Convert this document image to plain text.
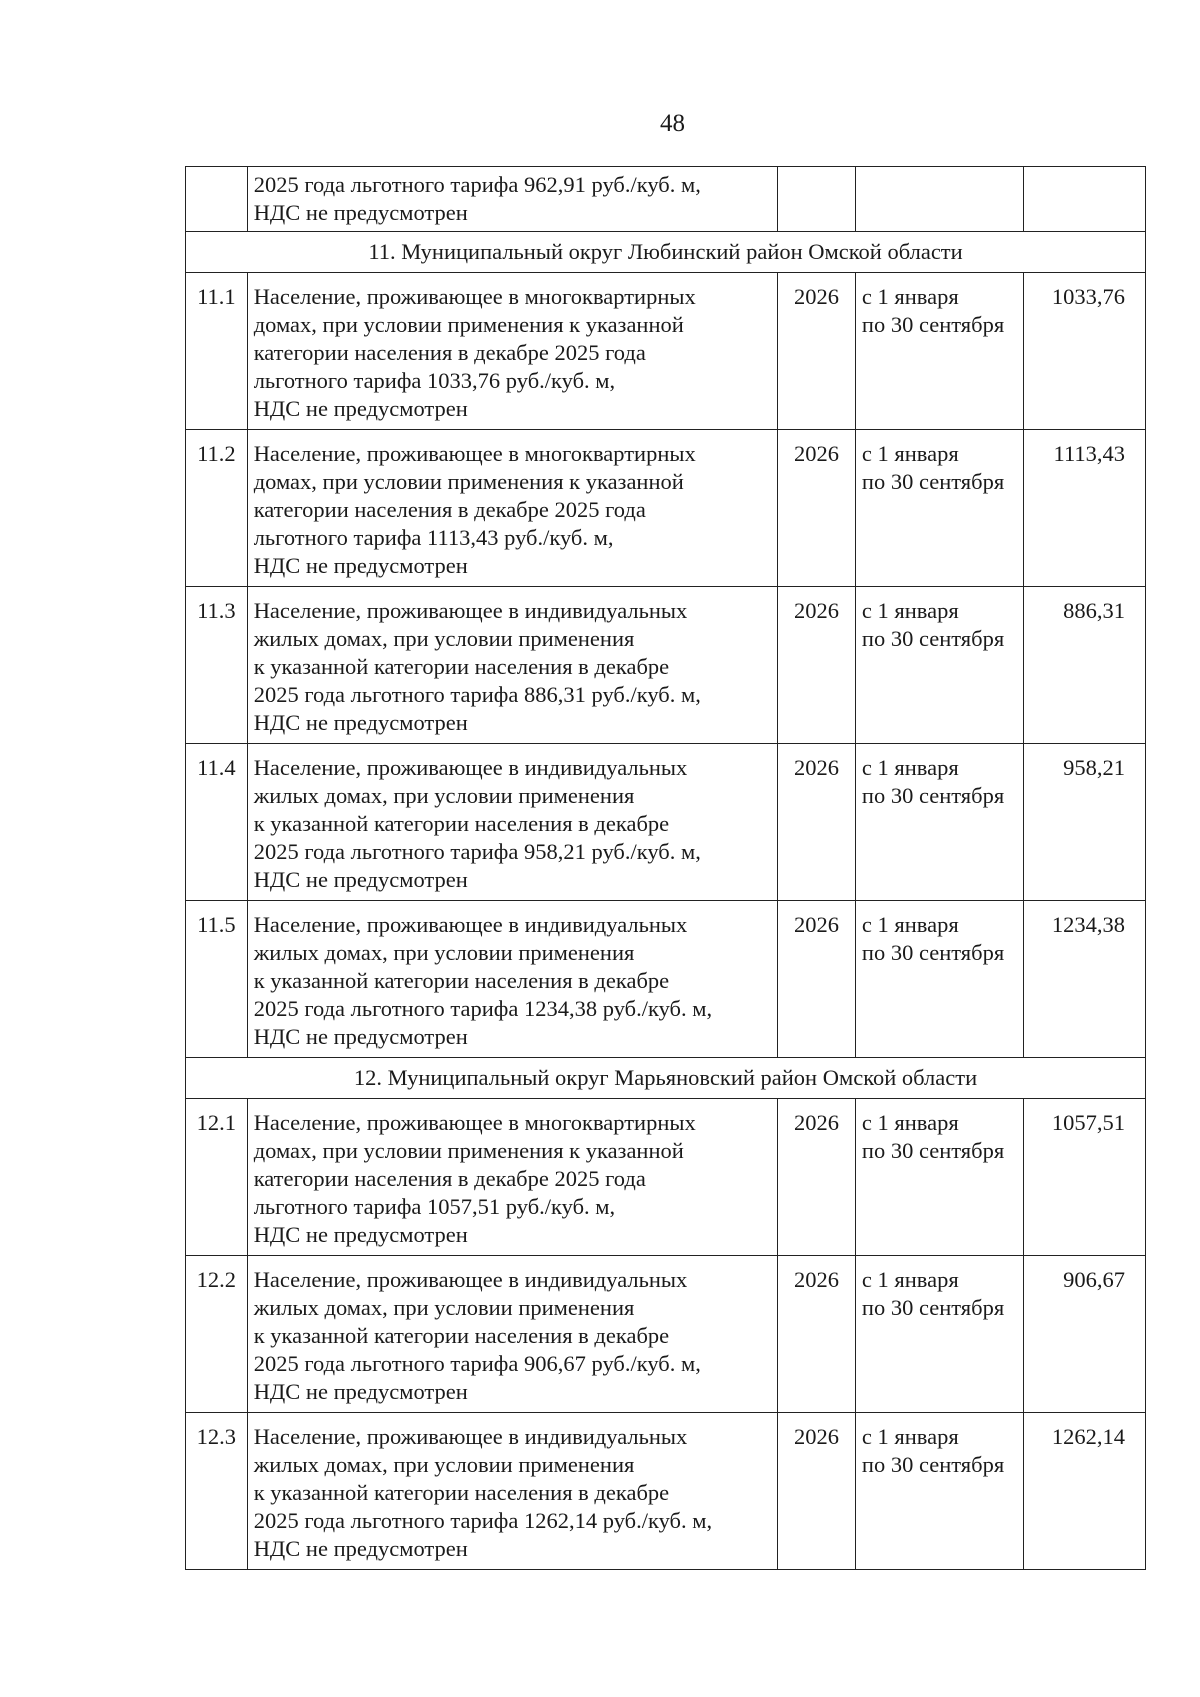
48

	2025 года льготного тарифа 962,91 руб./куб. м,
НДС не предусмотрен			

11. Муниципальный округ Любинский район Омской области				
11.1	Население, проживающее в многоквартирных
домах, при условии применения к указанной
категории населения в декабре 2025 года
льготного тарифа 1033,76 руб./куб. м,
НДС не предусмотрен	2026	с 1 января
по 30 сентября	1033,76
11.2	Население, проживающее в многоквартирных
домах, при условии применения к указанной
категории населения в декабре 2025 года
льготного тарифа 1113,43 руб./куб. м,
НДС не предусмотрен	2026	с 1 января
по 30 сентября	1113,43
11.3	Население, проживающее в индивидуальных
жилых домах, при условии применения
к указанной категории населения в декабре
2025 года льготного тарифа 886,31 руб./куб. м,
НДС не предусмотрен	2026	с 1 января
по 30 сентября	886,31
11.4	Население, проживающее в индивидуальных
жилых домах, при условии применения
к указанной категории населения в декабре
2025 года льготного тарифа 958,21 руб./куб. м,
НДС не предусмотрен	2026	с 1 января
по 30 сентября	958,21
11.5	Население, проживающее в индивидуальных
жилых домах, при условии применения
к указанной категории населения в декабре
2025 года льготного тарифа 1234,38 руб./куб. м,
НДС не предусмотрен	2026	с 1 января
по 30 сентября	1234,38
12. Муниципальный округ Марьяновский район Омской области				
12.1	Население, проживающее в многоквартирных
домах, при условии применения к указанной
категории населения в декабре 2025 года
льготного тарифа 1057,51 руб./куб. м,
НДС не предусмотрен	2026	с 1 января
по 30 сентября	1057,51
12.2	Население, проживающее в индивидуальных
жилых домах, при условии применения
к указанной категории населения в декабре
2025 года льготного тарифа 906,67 руб./куб. м,
НДС не предусмотрен	2026	с 1 января
по 30 сентября	906,67
12.3	Население, проживающее в индивидуальных
жилых домах, при условии применения
к указанной категории населения в декабре
2025 года льготного тарифа 1262,14 руб./куб. м,
НДС не предусмотрен	2026	с 1 января
по 30 сентября	1262,14
